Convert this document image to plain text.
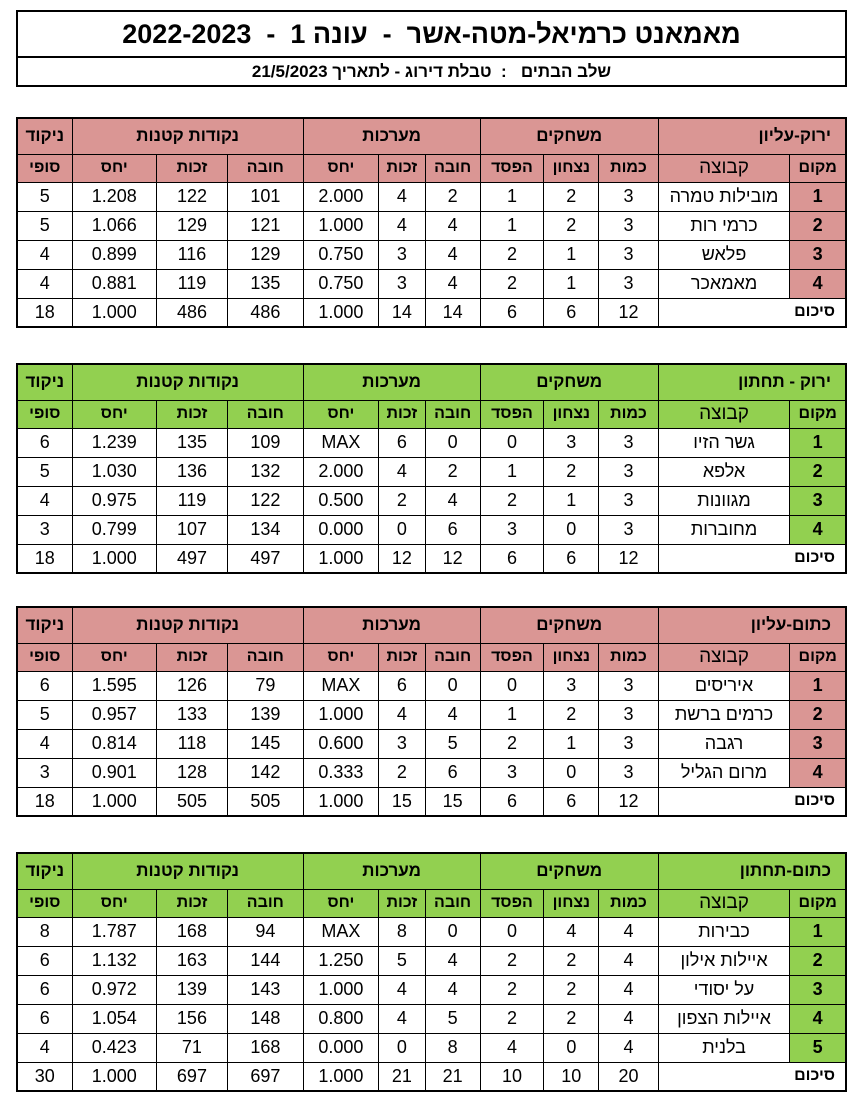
מאמאנט כרמיאל-מטה-אשר  -  עונה 1  -  2022-2023
שלב הבתים   :  טבלת דירוג - לתאריך 21/5/2023
ירוק-עליון		משחקים			מערכות			נקודות קטנות			ניקוד
מקום	קבוצה	כמות	נצחון	הפסד	חובה	זכות	יחס	חובה	זכות	יחס	סופי
1	מובילות טמרה	3	2	1	2	4	2.000	101	122	1.208	5
2	כרמי רות	3	2	1	4	4	1.000	121	129	1.066	5
3	פלאש	3	1	2	4	3	0.750	129	116	0.899	4
4	מאמאכר	3	1	2	4	3	0.750	135	119	0.881	4
סיכום		12	6	6	14	14	1.000	486	486	1.000	18
ירוק - תחתון		משחקים			מערכות			נקודות קטנות			ניקוד
מקום	קבוצה	כמות	נצחון	הפסד	חובה	זכות	יחס	חובה	זכות	יחס	סופי
1	גשר הזיו	3	3	0	0	6	MAX	109	135	1.239	6
2	אלפא	3	2	1	2	4	2.000	132	136	1.030	5
3	מגוונות	3	1	2	4	2	0.500	122	119	0.975	4
4	מחוברות	3	0	3	6	0	0.000	134	107	0.799	3
סיכום		12	6	6	12	12	1.000	497	497	1.000	18
כתום-עליון		משחקים			מערכות			נקודות קטנות			ניקוד
מקום	קבוצה	כמות	נצחון	הפסד	חובה	זכות	יחס	חובה	זכות	יחס	סופי
1	איריסים	3	3	0	0	6	MAX	79	126	1.595	6
2	כרמים ברשת	3	2	1	4	4	1.000	139	133	0.957	5
3	רגבה	3	1	2	5	3	0.600	145	118	0.814	4
4	מרום הגליל	3	0	3	6	2	0.333	142	128	0.901	3
סיכום		12	6	6	15	15	1.000	505	505	1.000	18
כתום-תחתון		משחקים			מערכות			נקודות קטנות			ניקוד
מקום	קבוצה	כמות	נצחון	הפסד	חובה	זכות	יחס	חובה	זכות	יחס	סופי
1	כבירות	4	4	0	0	8	MAX	94	168	1.787	8
2	איילות אילון	4	2	2	4	5	1.250	144	163	1.132	6
3	על יסודי	4	2	2	4	4	1.000	143	139	0.972	6
4	איילות הצפון	4	2	2	5	4	0.800	148	156	1.054	6
5	בלנית	4	0	4	8	0	0.000	168	71	0.423	4
סיכום		20	10	10	21	21	1.000	697	697	1.000	30
